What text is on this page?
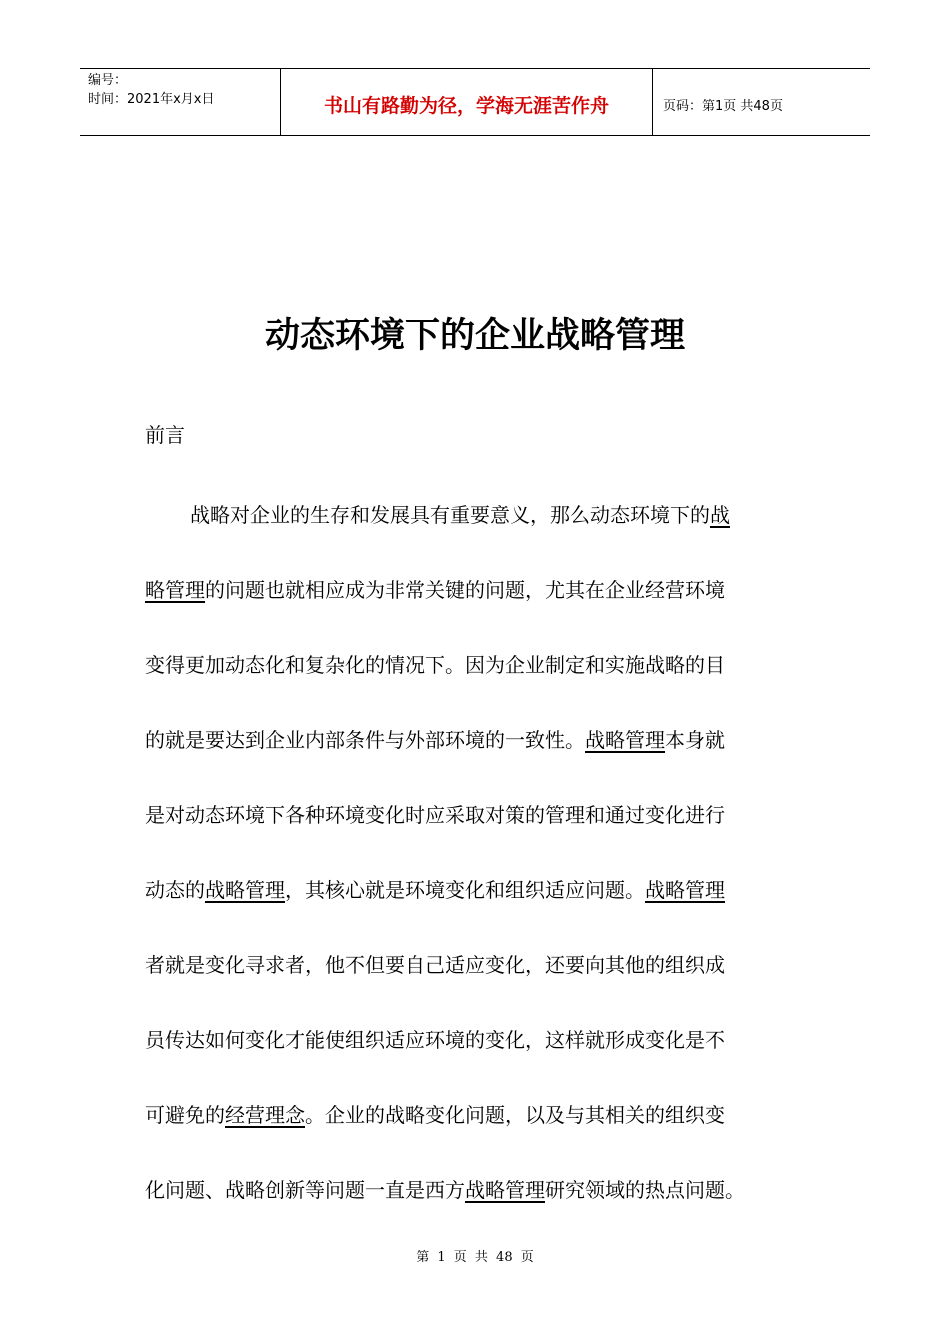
编号：
时间：2021年x月x日	书山有路勤为径，学海无涯苦作舟	页码：第1页 共48页
动态环境下的企业战略管理
前言
战略对企业的生存和发展具有重要意义，那么动态环境下的战
略管理的问题也就相应成为非常关键的问题，尤其在企业经营环境
变得更加动态化和复杂化的情况下。因为企业制定和实施战略的目
的就是要达到企业内部条件与外部环境的一致性。战略管理本身就
是对动态环境下各种环境变化时应采取对策的管理和通过变化进行
动态的战略管理，其核心就是环境变化和组织适应问题。战略管理
者就是变化寻求者，他不但要自己适应变化，还要向其他的组织成
员传达如何变化才能使组织适应环境的变化，这样就形成变化是不
可避免的经营理念。企业的战略变化问题，以及与其相关的组织变
化问题、战略创新等问题一直是西方战略管理研究领域的热点问题。
第 1 页 共 48 页
